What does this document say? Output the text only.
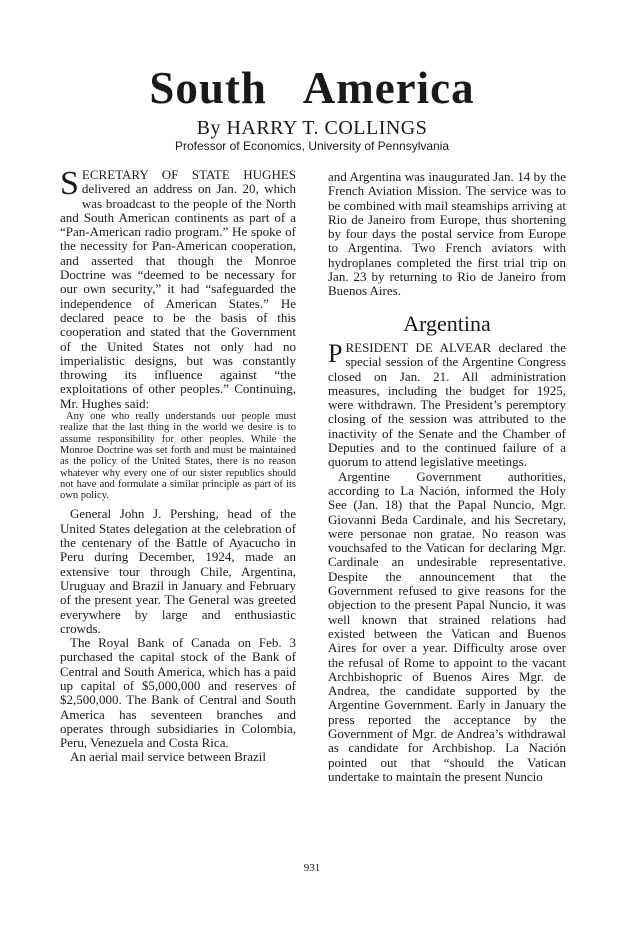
South America
By HARRY T. COLLINGS
Professor of Economics, University of Pennsylvania

SECRETARY OF STATE HUGHES delivered an address on Jan. 20, which was broadcast to the people of the North and South American continents as part of a “Pan-American radio program.” He spoke of the necessity for Pan-American cooperation, and asserted that though the Monroe Doctrine was “deemed to be necessary for our own security,” it had “safeguarded the independence of American States.” He declared peace to be the basis of this cooperation and stated that the Government of the United States not only had no imperialistic designs, but was constantly throwing its influence against “the exploitations of other peoples.” Continuing, Mr. Hughes said:

Any one who really understands our people must realize that the last thing in the world we desire is to assume responsibility for other peoples. While the Monroe Doctrine was set forth and must be maintained as the policy of the United States, there is no reason whatever why every one of our sister republics should not have and formulate a similar principle as part of its own policy.

General John J. Pershing, head of the United States delegation at the celebration of the centenary of the Battle of Ayacucho in Peru during December, 1924, made an extensive tour through Chile, Argentina, Uruguay and Brazil in January and February of the present year. The General was greeted everywhere by large and enthusiastic crowds.

The Royal Bank of Canada on Feb. 3 purchased the capital stock of the Bank of Central and South America, which has a paid up capital of $5,000,000 and reserves of $2,500,000. The Bank of Central and South America has seventeen branches and operates through subsidiaries in Colombia, Peru, Venezuela and Costa Rica.

An aerial mail service between Brazil

and Argentina was inaugurated Jan. 14 by the French Aviation Mission. The service was to be combined with mail steamships arriving at Rio de Janeiro from Europe, thus shortening by four days the postal service from Europe to Argentina. Two French aviators with hydroplanes completed the first trial trip on Jan. 23 by returning to Rio de Janeiro from Buenos Aires.

Argentina

PRESIDENT DE ALVEAR declared the special session of the Argentine Congress closed on Jan. 21. All administration measures, including the budget for 1925, were withdrawn. The President’s peremptory closing of the session was attributed to the inactivity of the Senate and the Chamber of Deputies and to the continued failure of a quorum to attend legislative meetings.

Argentine Government authorities, according to La Nación, informed the Holy See (Jan. 18) that the Papal Nuncio, Mgr. Giovanni Beda Cardinale, and his Secretary, were personae non gratae. No reason was vouchsafed to the Vatican for declaring Mgr. Cardinale an undesirable representative. Despite the announcement that the Government refused to give reasons for the objection to the present Papal Nuncio, it was well known that strained relations had existed between the Vatican and Buenos Aires for over a year. Difficulty arose over the refusal of Rome to appoint to the vacant Archbishopric of Buenos Aires Mgr. de Andrea, the candidate supported by the Argentine Government. Early in January the press reported the acceptance by the Government of Mgr. de Andrea’s withdrawal as candidate for Archbishop. La Nación pointed out that “should the Vatican undertake to maintain the present Nuncio

931
